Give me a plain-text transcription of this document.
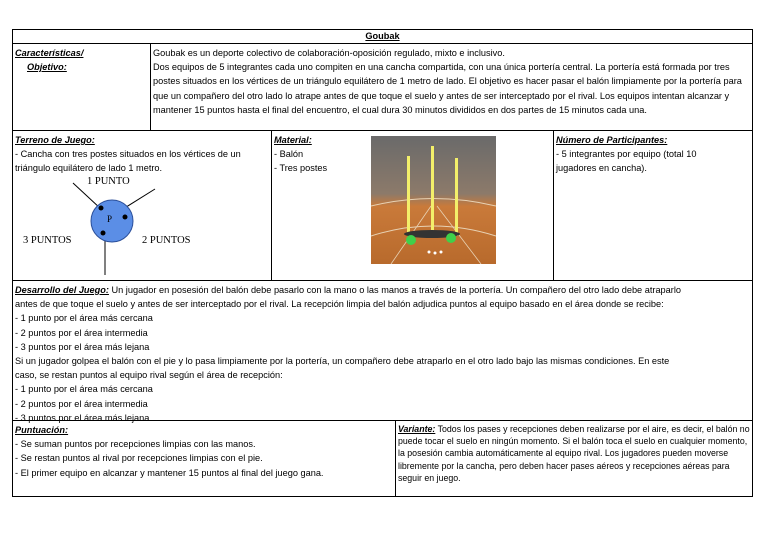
Goubak
Características/
Objetivo:
Goubak es un deporte colectivo de colaboración-oposición regulado, mixto e inclusivo.
Dos equipos de 5 integrantes cada uno compiten en una cancha compartida, con una única portería central. La portería está formada por tres postes situados en los vértices de un triángulo equilátero de 1 metro de lado. El objetivo es hacer pasar el balón limpiamente por la portería para que un compañero del otro lado lo atrape antes de que toque el suelo y antes de ser interceptado por el rival. Los equipos intentan alcanzar y mantener 15 puntos hasta el final del encuentro, el cual dura 30 minutos divididos en dos partes de 15 minutos cada una.
Terreno de Juego:
- Cancha con tres postes situados en los vértices de un
triángulo equilátero de lado 1 metro.
P
1 PUNTO
3 PUNTOS	2 PUNTOS
Material:
- Balón
- Tres postes
Número de Participantes:
- 5 integrantes por equipo (total 10
jugadores en cancha).
Desarrollo del Juego: Un jugador en posesión del balón debe pasarlo con la mano o las manos a través de la portería. Un compañero del otro lado debe atraparlo
antes de que toque el suelo y antes de ser interceptado por el rival. La recepción limpia del balón adjudica puntos al equipo basado en el área donde se recibe:
- 1 punto por el área más cercana
- 2 puntos por el área intermedia
- 3 puntos por el área más lejana
Si un jugador golpea el balón con el pie y lo pasa limpiamente por la portería, un compañero debe atraparlo en el otro lado bajo las mismas condiciones. En este
caso, se restan puntos al equipo rival según el área de recepción:
- 1 punto por el área más cercana
- 2 puntos por el área intermedia
- 3 puntos por el área más lejana
Puntuación:
- Se suman puntos por recepciones limpias con las manos.
- Se restan puntos al rival por recepciones limpias con el pie.
- El primer equipo en alcanzar y mantener 15 puntos al final del juego gana.
Variante: Todos los pases y recepciones deben realizarse por el aire, es decir, el balón no puede tocar el suelo en ningún momento. Si el balón toca el suelo en cualquier momento, la posesión cambia automáticamente al equipo rival. Los jugadores pueden moverse libremente por la cancha, pero deben hacer pases aéreos y recepciones aéreas para seguir en juego.
